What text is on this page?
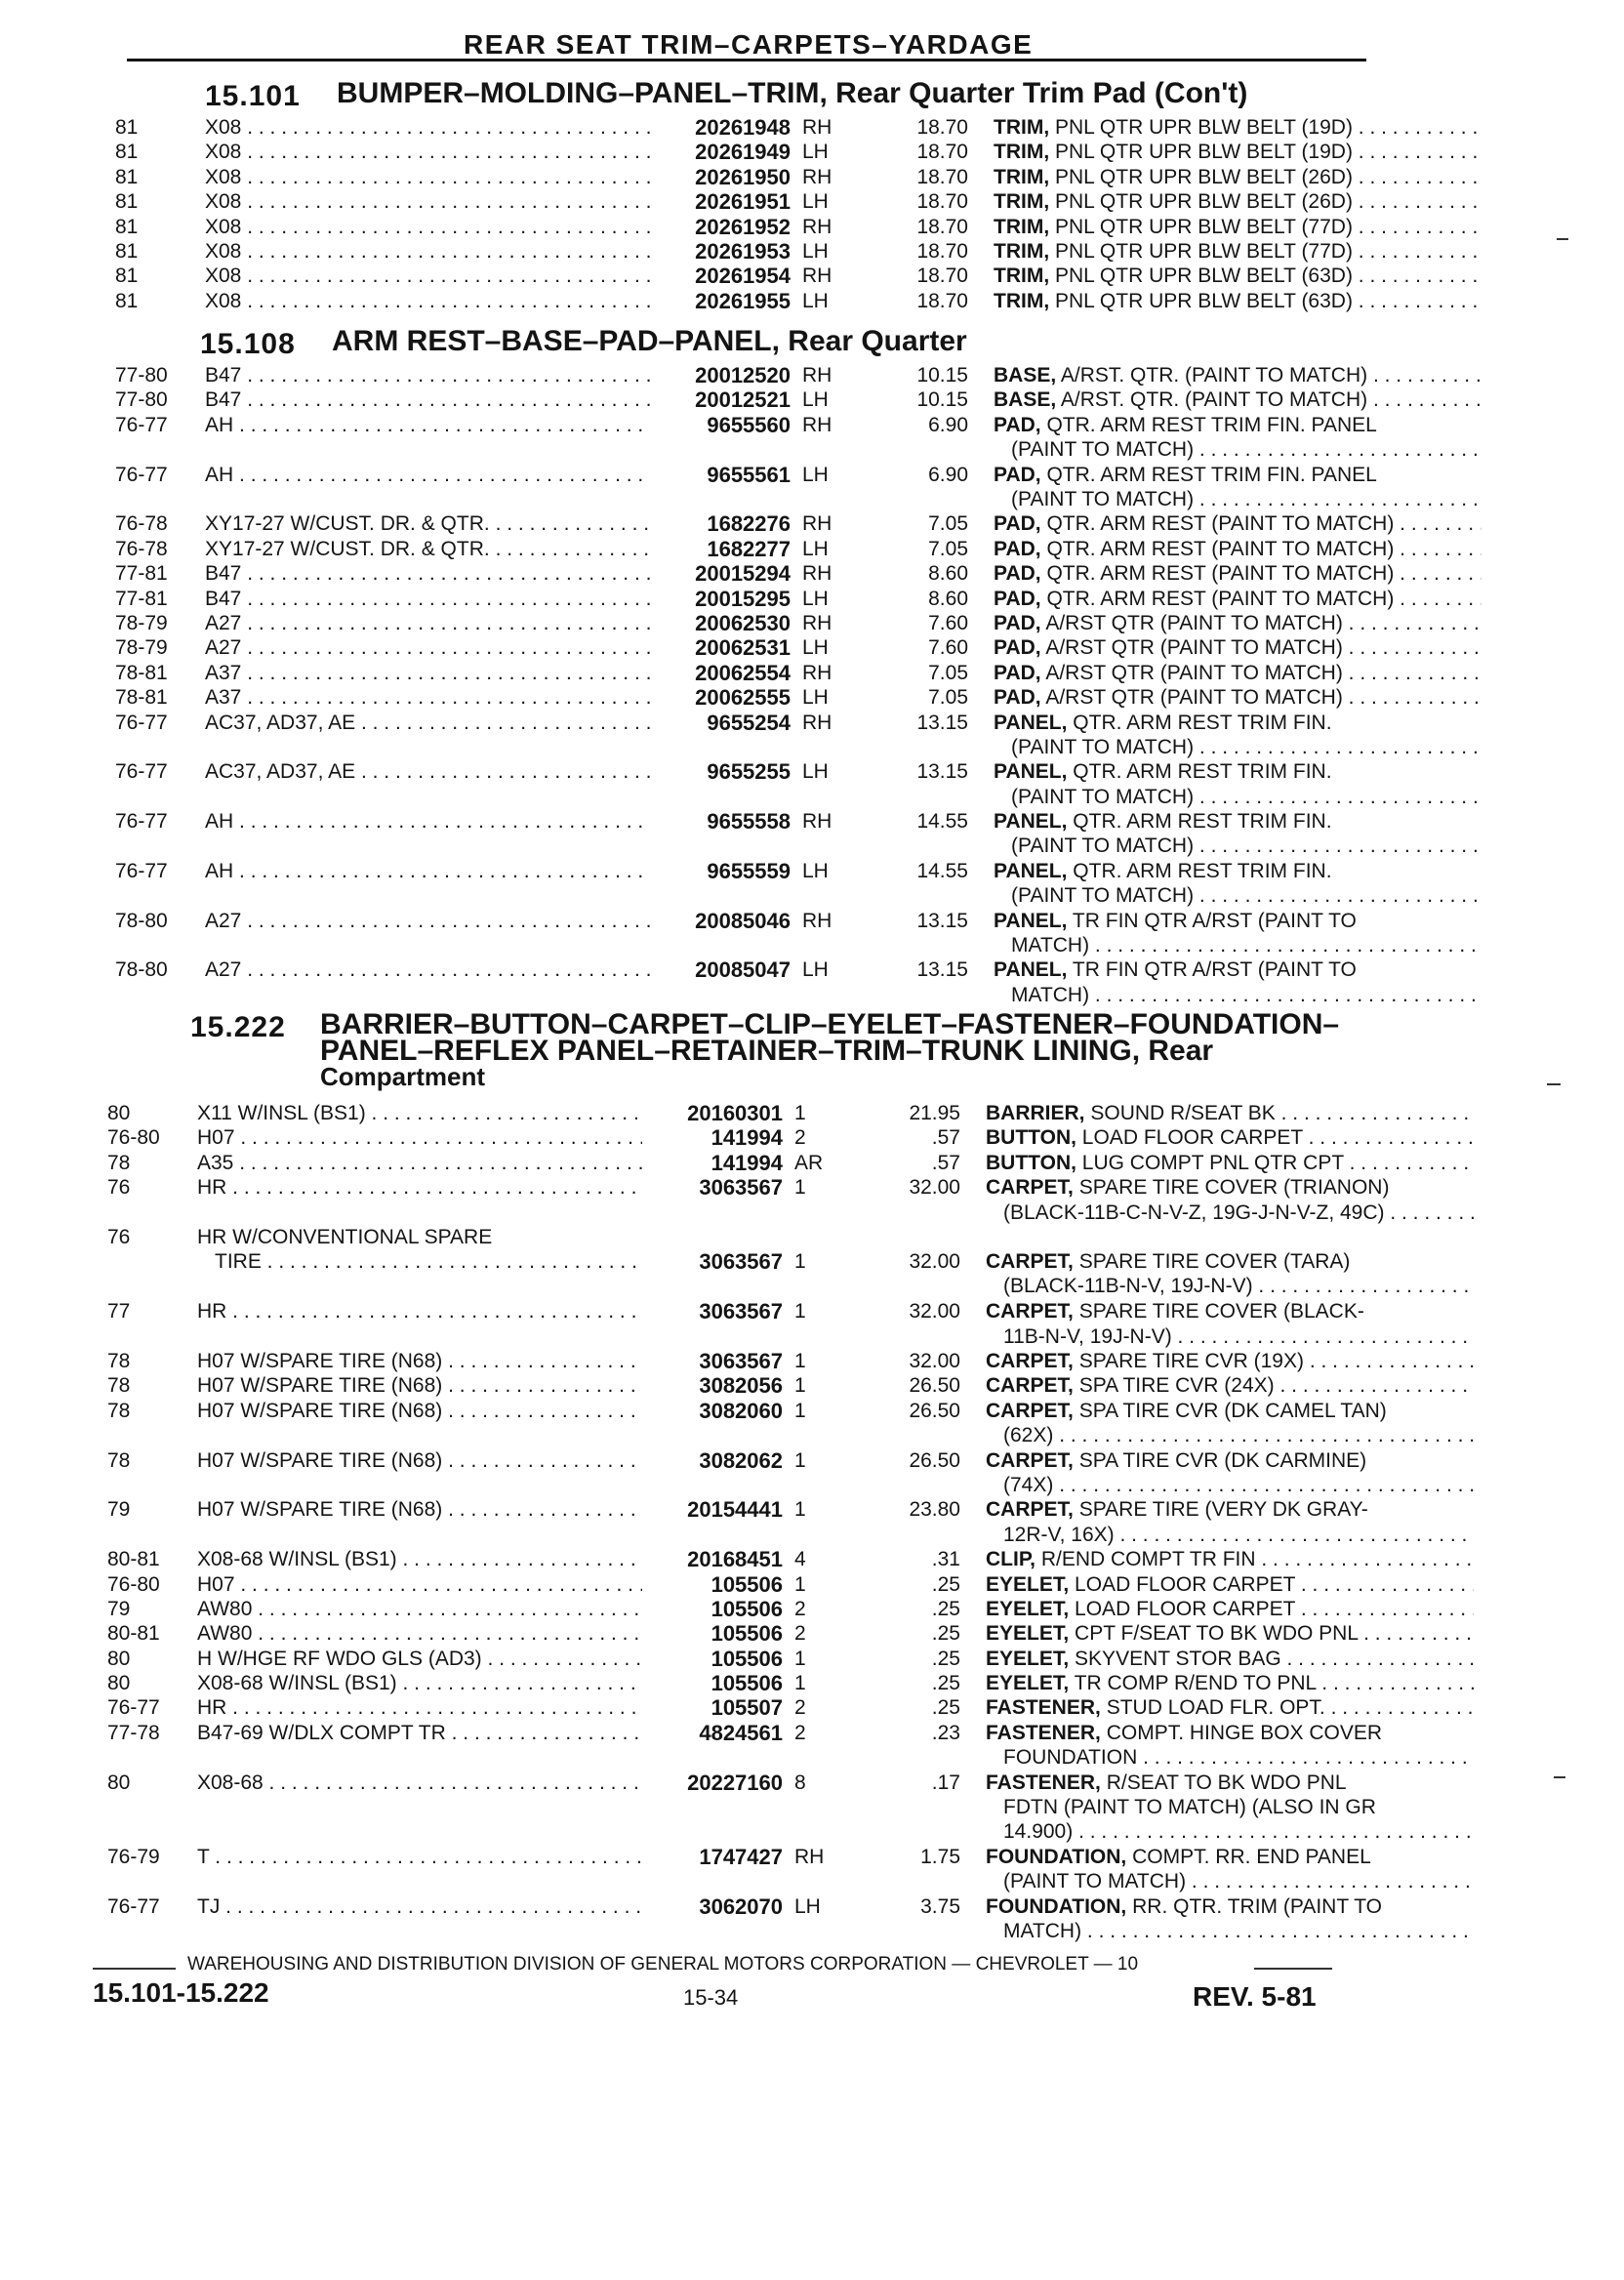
REAR SEAT TRIM–CARPETS–YARDAGE
15.101 BUMPER–MOLDING–PANEL–TRIM, Rear Quarter Trim Pad (Con't)
81	X08 . . .	20261948 RH	18.70 TRIM, PNL QTR UPR BLW BELT (19D) . . .
81	X08 . . .	20261949 LH	18.70 TRIM, PNL QTR UPR BLW BELT (19D) . . .
81	X08 . . .	20261950 RH	18.70 TRIM, PNL QTR UPR BLW BELT (26D) . . .
81	X08 . . .	20261951 LH	18.70 TRIM, PNL QTR UPR BLW BELT (26D) . . .
81	X08 . . .	20261952 RH	18.70 TRIM, PNL QTR UPR BLW BELT (77D) . . .
81	X08 . . .	20261953 LH	18.70 TRIM, PNL QTR UPR BLW BELT (77D) . . .
81	X08 . . .	20261954 RH	18.70 TRIM, PNL QTR UPR BLW BELT (63D) . . .
81	X08 . . .	20261955 LH	18.70 TRIM, PNL QTR UPR BLW BELT (63D) . . .
15.108 ARM REST–BASE–PAD–PANEL, Rear Quarter
77-80	B47 . . .	20012520 RH	10.15 BASE, A/RST. QTR. (PAINT TO MATCH) . . .
77-80	B47 . . .	20012521 LH	10.15 BASE, A/RST. QTR. (PAINT TO MATCH) . . .
76-77	AH . . .	9655560 RH	6.90 PAD, QTR. ARM REST TRIM FIN. PANEL
(PAINT TO MATCH) . . .
76-77	AH . . .	9655561 LH	6.90 PAD, QTR. ARM REST TRIM FIN. PANEL
(PAINT TO MATCH) . . .
76-78	XY17-27 W/CUST. DR. & QTR. . . .	1682276 RH	7.05 PAD, QTR. ARM REST (PAINT TO MATCH) . . .
76-78	XY17-27 W/CUST. DR. & QTR. . . .	1682277 LH	7.05 PAD, QTR. ARM REST (PAINT TO MATCH) . . .
77-81	B47 . . .	20015294 RH	8.60 PAD, QTR. ARM REST (PAINT TO MATCH) . . .
77-81	B47 . . .	20015295 LH	8.60 PAD, QTR. ARM REST (PAINT TO MATCH) . . .
78-79	A27 . . .	20062530 RH	7.60 PAD, A/RST QTR (PAINT TO MATCH) . . .
78-79	A27 . . .	20062531 LH	7.60 PAD, A/RST QTR (PAINT TO MATCH) . . .
78-81	A37 . . .	20062554 RH	7.05 PAD, A/RST QTR (PAINT TO MATCH) . . .
78-81	A37 . . .	20062555 LH	7.05 PAD, A/RST QTR (PAINT TO MATCH) . . .
76-77	AC37, AD37, AE . . .	9655254 RH	13.15 PANEL, QTR. ARM REST TRIM FIN.
(PAINT TO MATCH) . . .
76-77	AC37, AD37, AE . . .	9655255 LH	13.15 PANEL, QTR. ARM REST TRIM FIN.
(PAINT TO MATCH) . . .
76-77	AH . . .	9655558 RH	14.55 PANEL, QTR. ARM REST TRIM FIN.
(PAINT TO MATCH) . . .
76-77	AH . . .	9655559 LH	14.55 PANEL, QTR. ARM REST TRIM FIN.
(PAINT TO MATCH) . . .
78-80	A27 . . .	20085046 RH	13.15 PANEL, TR FIN QTR A/RST (PAINT TO
MATCH) . . .
78-80	A27 . . .	20085047 LH	13.15 PANEL, TR FIN QTR A/RST (PAINT TO
MATCH) . . .
15.222 BARRIER–BUTTON–CARPET–CLIP–EYELET–FASTENER–FOUNDATION–
PANEL–REFLEX PANEL–RETAINER–TRIM–TRUNK LINING, Rear
Compartment
80	X11 W/INSL (BS1) . . .	20160301 1	21.95 BARRIER, SOUND R/SEAT BK . . .
76-80	H07 . . .	141994 2	.57 BUTTON, LOAD FLOOR CARPET . . .
78	A35 . . .	141994 AR	.57 BUTTON, LUG COMPT PNL QTR CPT . . .
76	HR . . .	3063567 1	32.00 CARPET, SPARE TIRE COVER (TRIANON)
(BLACK-11B-C-N-V-Z, 19G-J-N-V-Z, 49C) . . .
76	HR W/CONVENTIONAL SPARE
TIRE . . .	3063567 1	32.00 CARPET, SPARE TIRE COVER (TARA)
(BLACK-11B-N-V, 19J-N-V) . . .
77	HR . . .	3063567 1	32.00 CARPET, SPARE TIRE COVER (BLACK-
11B-N-V, 19J-N-V) . . .
78	H07 W/SPARE TIRE (N68) . . .	3063567 1	32.00 CARPET, SPARE TIRE CVR (19X) . . .
78	H07 W/SPARE TIRE (N68) . . .	3082056 1	26.50 CARPET, SPA TIRE CVR (24X) . . .
78	H07 W/SPARE TIRE (N68) . . .	3082060 1	26.50 CARPET, SPA TIRE CVR (DK CAMEL TAN)
(62X) . . .
78	H07 W/SPARE TIRE (N68) . . .	3082062 1	26.50 CARPET, SPA TIRE CVR (DK CARMINE)
(74X) . . .
79	H07 W/SPARE TIRE (N68) . . .	20154441 1	23.80 CARPET, SPARE TIRE (VERY DK GRAY-
12R-V, 16X) . . .
80-81	X08-68 W/INSL (BS1) . . .	20168451 4	.31 CLIP, R/END COMPT TR FIN . . .
76-80	H07 . . .	105506 1	.25 EYELET, LOAD FLOOR CARPET . . .
79	AW80 . . .	105506 2	.25 EYELET, LOAD FLOOR CARPET . . .
80-81	AW80 . . .	105506 2	.25 EYELET, CPT F/SEAT TO BK WDO PNL . . .
80	H W/HGE RF WDO GLS (AD3) . . .	105506 1	.25 EYELET, SKYVENT STOR BAG . . .
80	X08-68 W/INSL (BS1) . . .	105506 1	.25 EYELET, TR COMP R/END TO PNL . . .
76-77	HR . . .	105507 2	.25 FASTENER, STUD LOAD FLR. OPT. . . .
77-78	B47-69 W/DLX COMPT TR . . .	4824561 2	.23 FASTENER, COMPT. HINGE BOX COVER
FOUNDATION . . .
80	X08-68 . . .	20227160 8	.17 FASTENER, R/SEAT TO BK WDO PNL
FDTN (PAINT TO MATCH) (ALSO IN GR
14.900) . . .
76-79	T . . .	1747427 RH	1.75 FOUNDATION, COMPT. RR. END PANEL
(PAINT TO MATCH) . . .
76-77	TJ . . .	3062070 LH	3.75 FOUNDATION, RR. QTR. TRIM (PAINT TO
MATCH) . . .
WAREHOUSING AND DISTRIBUTION DIVISION OF GENERAL MOTORS CORPORATION — CHEVROLET — 10
15.101-15.222	15-34	REV. 5-81
